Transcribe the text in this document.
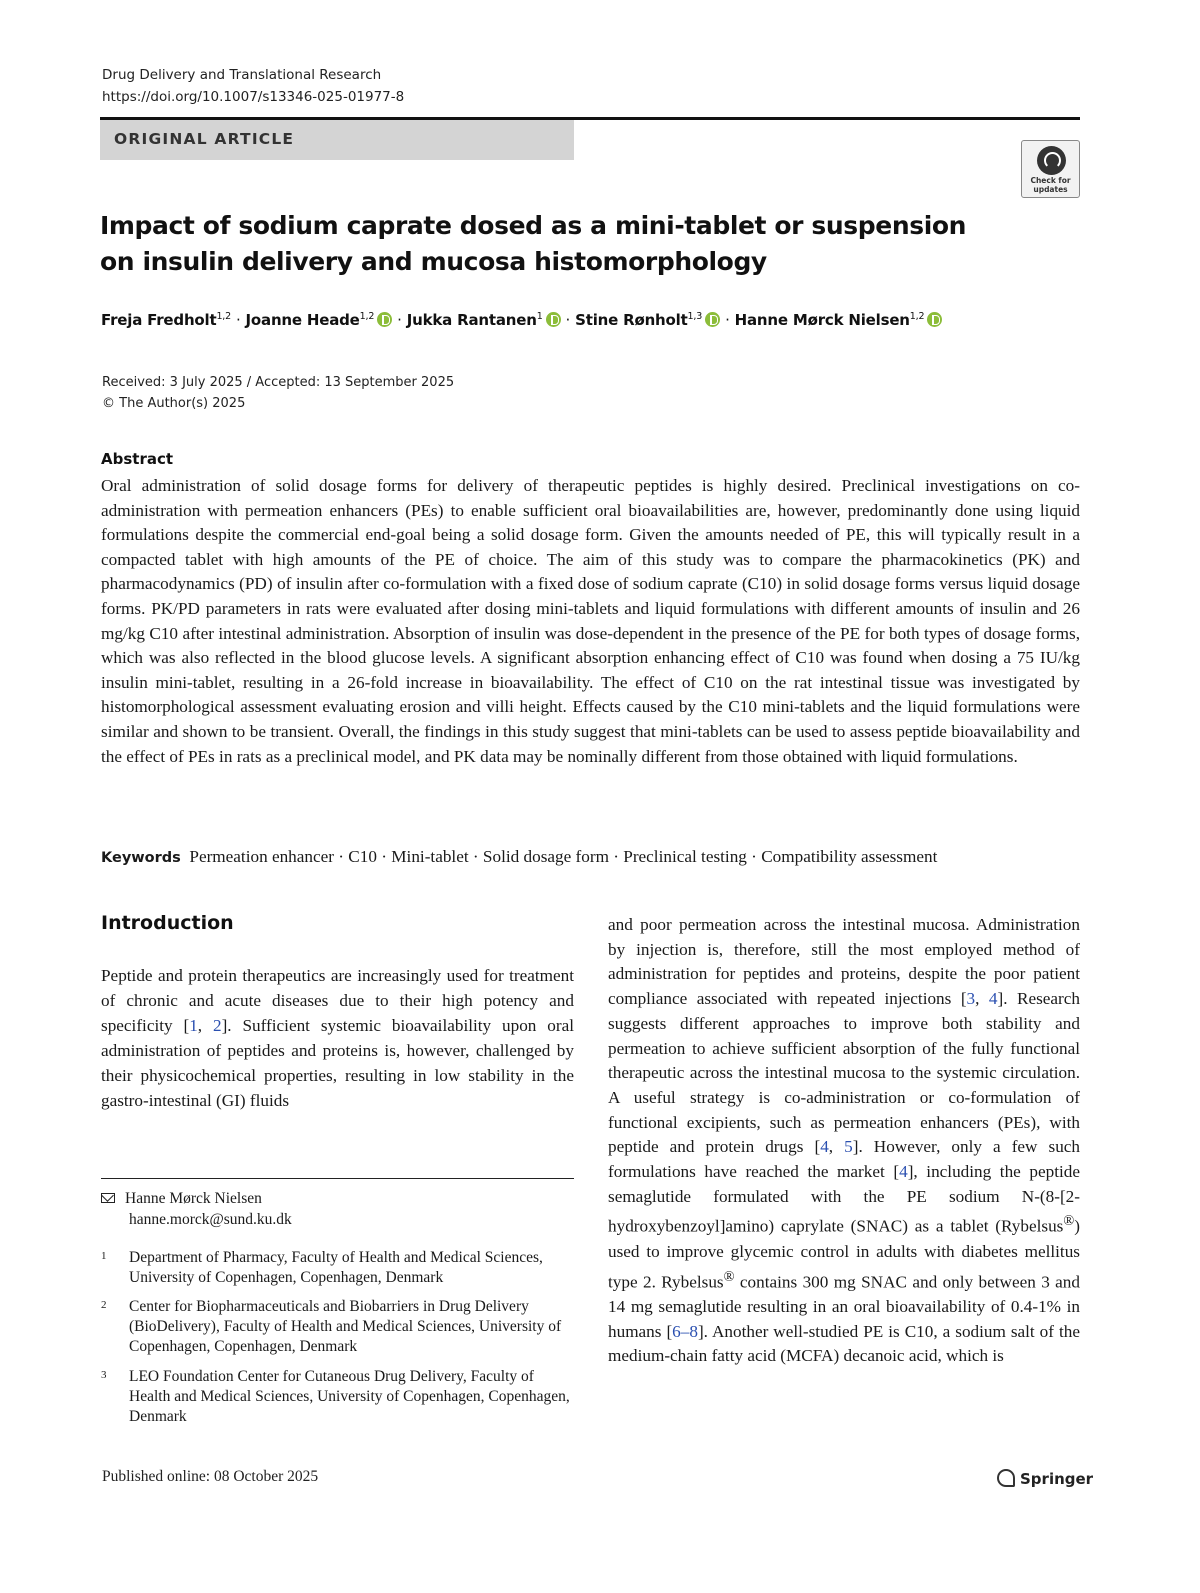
Drug Delivery and Translational Research
https://doi.org/10.1007/s13346-025-01977-8
ORIGINAL ARTICLE
Check for updates
Impact of sodium caprate dosed as a mini-tablet or suspension on insulin delivery and mucosa histomorphology
Freja Fredholt$^{1,2}$ · Joanne Heade$^{1,2}$ · Jukka Rantanen$^1$ · Stine Rønholt$^{1,3}$ · Hanne Mørck Nielsen$^{1,2}$
Received: 3 July 2025 / Accepted: 13 September 2025
© The Author(s) 2025
Abstract

Oral administration of solid dosage forms for delivery of therapeutic peptides is highly desired. Preclinical investigations on co-administration with permeation enhancers (PEs) to enable sufficient oral bioavailabilities are, however, predominantly done using liquid formulations despite the commercial end-goal being a solid dosage form. Given the amounts needed of PE, this will typically result in a compacted tablet with high amounts of the PE of choice. The aim of this study was to compare the pharmacokinetics (PK) and pharmacodynamics (PD) of insulin after co-formulation with a fixed dose of sodium caprate (C10) in solid dosage forms versus liquid dosage forms. PK/PD parameters in rats were evaluated after dosing mini-tablets and liquid formulations with different amounts of insulin and 26 mg/kg C10 after intestinal administration. Absorption of insulin was dose-dependent in the presence of the PE for both types of dosage forms, which was also reflected in the blood glucose levels. A significant absorption enhancing effect of C10 was found when dosing a 75 IU/kg insulin mini-tablet, resulting in a 26-fold increase in bioavailability. The effect of C10 on the rat intestinal tissue was investigated by histomorphological assessment evaluating erosion and villi height. Effects caused by the C10 mini-tablets and the liquid formulations were similar and shown to be transient. Overall, the findings in this study suggest that mini-tablets can be used to assess peptide bioavailability and the effect of PEs in rats as a preclinical model, and PK data may be nominally different from those obtained with liquid formulations.

Keywords Permeation enhancer · C10 · Mini-tablet · Solid dosage form · Preclinical testing · Compatibility assessment
Introduction

Peptide and protein therapeutics are increasingly used for treatment of chronic and acute diseases due to their high potency and specificity [1, 2]. Sufficient systemic bioavailability upon oral administration of peptides and proteins is, however, challenged by their physicochemical properties, resulting in low stability in the gastro-intestinal (GI) fluids

and poor permeation across the intestinal mucosa. Administration by injection is, therefore, still the most employed method of administration for peptides and proteins, despite the poor patient compliance associated with repeated injections [3, 4]. Research suggests different approaches to improve both stability and permeation to achieve sufficient absorption of the fully functional therapeutic across the intestinal mucosa to the systemic circulation. A useful strategy is co-administration or co-formulation of functional excipients, such as permeation enhancers (PEs), with peptide and protein drugs [4, 5]. However, only a few such formulations have reached the market [4], including the peptide semaglutide formulated with the PE sodium N-(8-[2-hydroxybenzoyl]amino) caprylate (SNAC) as a tablet (Rybelsus®) used to improve glycemic control in adults with diabetes mellitus type 2. Rybelsus® contains 300 mg SNAC and only between 3 and 14 mg semaglutide resulting in an oral bioavailability of 0.4-1% in humans [6–8]. Another well-studied PE is C10, a sodium salt of the medium-chain fatty acid (MCFA) decanoic acid, which is

Hanne Mørck Nielsen
hanne.morck@sund.ku.dk
1 Department of Pharmacy, Faculty of Health and Medical Sciences, University of Copenhagen, Copenhagen, Denmark
2 Center for Biopharmaceuticals and Biobarriers in Drug Delivery (BioDelivery), Faculty of Health and Medical Sciences, University of Copenhagen, Copenhagen, Denmark
3 LEO Foundation Center for Cutaneous Drug Delivery, Faculty of Health and Medical Sciences, University of Copenhagen, Copenhagen, Denmark
Published online: 08 October 2025	Springer
